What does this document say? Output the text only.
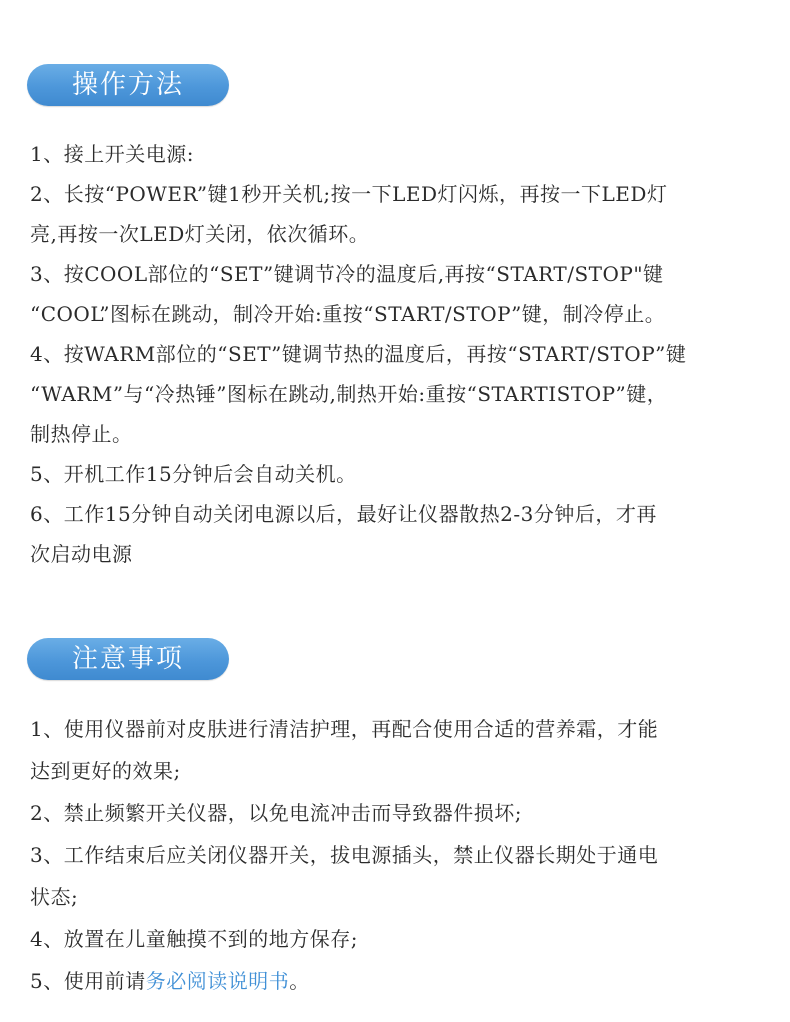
操作方法
1、接上开关电源:
2、长按“POWER”键1秒开关机;按一下LED灯闪烁，再按一下LED灯
亮,再按一次LED灯关闭，依次循环。
3、按COOL部位的“SET”键调节冷的温度后,再按“START/STOP"键
“COOL”图标在跳动，制冷开始:重按“START/STOP”键，制冷停止。
4、按WARM部位的“SET”键调节热的温度后，再按“START/STOP”键
“WARM”与“冷热锤”图标在跳动,制热开始:重按“STARTISTOP”键，
制热停止。
5、开机工作15分钟后会自动关机。
6、工作15分钟自动关闭电源以后，最好让仪器散热2-3分钟后，才再
次启动电源
注意事项
1、使用仪器前对皮肤进行清洁护理，再配合使用合适的营养霜，才能
达到更好的效果;
2、禁止频繁开关仪器，以免电流冲击而导致器件损坏;
3、工作结束后应关闭仪器开关，拔电源插头，禁止仪器长期处于通电
状态;
4、放置在儿童触摸不到的地方保存;
5、使用前请务必阅读说明书。
